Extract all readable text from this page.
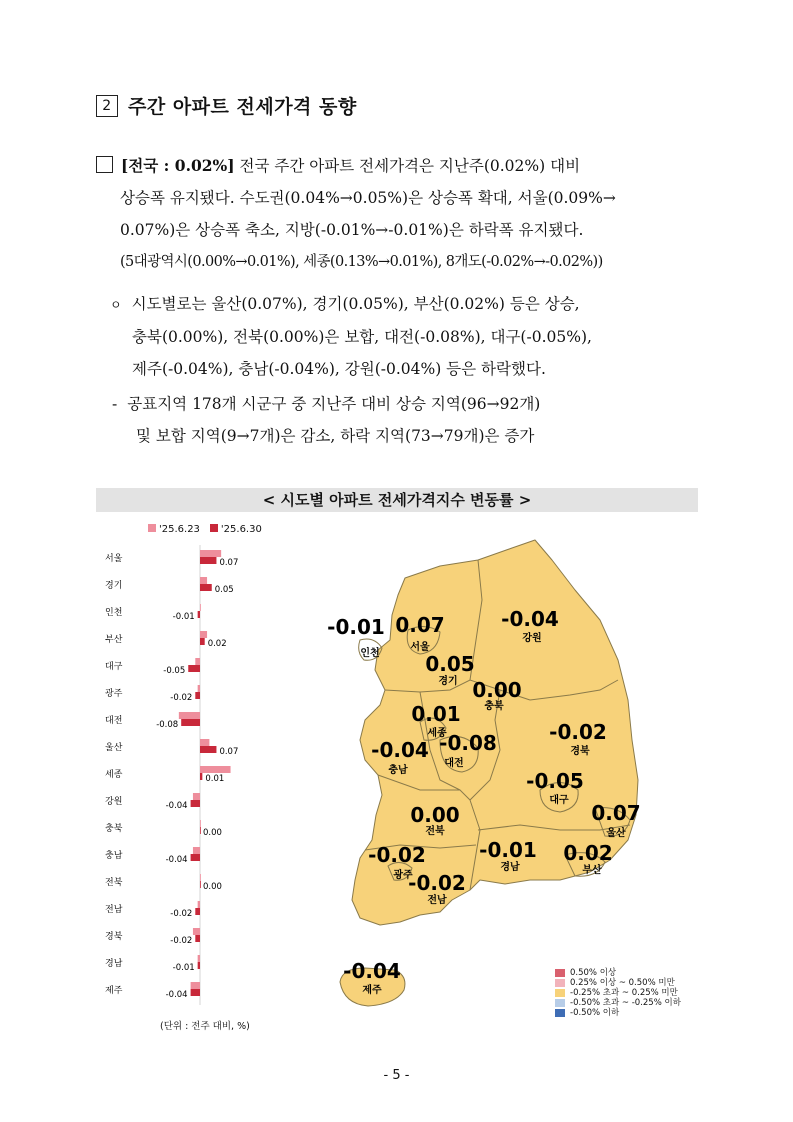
2 주간 아파트 전세가격 동향
[전국 : 0.02%] 전국 주간 아파트 전세가격은 지난주(0.02%) 대비
상승폭 유지됐다. 수도권(0.04%→0.05%)은 상승폭 확대, 서울(0.09%→
0.07%)은 상승폭 축소, 지방(-0.01%→-0.01%)은 하락폭 유지됐다.
(5대광역시(0.00%→0.01%), 세종(0.13%→0.01%), 8개도(-0.02%→-0.02%))
ㅇ 시도별로는 울산(0.07%), 경기(0.05%), 부산(0.02%) 등은 상승,
충북(0.00%), 전북(0.00%)은 보합, 대전(-0.08%), 대구(-0.05%),
제주(-0.04%), 충남(-0.04%), 강원(-0.04%) 등은 하락했다.
- 공표지역 178개 시군구 중 지난주 대비 상승 지역(96→92개)
및 보합 지역(9→7개)은 감소, 하락 지역(73→79개)은 증가
< 시도별 아파트 전세가격지수 변동률 >
'25.6.23	'25.6.30
서울	0.07
경기	0.05
인천	-0.01
부산	0.02
대구	-0.05
광주	-0.02
대전	-0.08
울산	0.07
세종	0.01
강원	-0.04
충북	0.00
충남	-0.04
전북	0.00
전남	-0.02
경북	-0.02
경남	-0.01
제주	-0.04
(단위 : 전주 대비, %)
0.07
서울
-0.01
인천 0.05
경기
-0.04
강원
0.00
충북
0.01
세종
-0.08
대전
-0.04
충남
-0.02
경북
-0.05
대구
0.07
울산
0.00
전북
-0.02
광주
-0.01
경남
0.02
부산
-0.02
전남
-0.04
제주
0.50% 이상
0.25% 이상 ~ 0.50% 미만
-0.25% 초과 ~ 0.25% 미만
-0.50% 초과 ~ -0.25% 이하
-0.50% 이하
- 5 -
